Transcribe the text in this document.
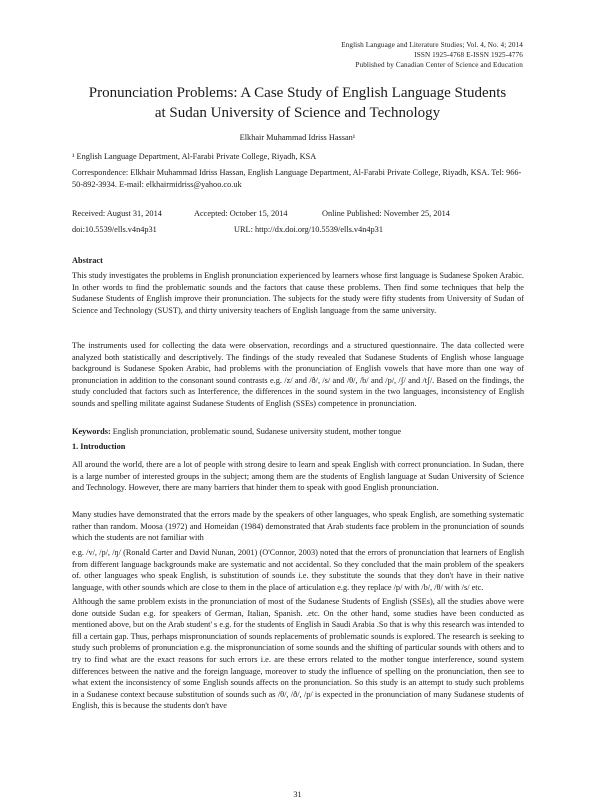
English Language and Literature Studies; Vol. 4, No. 4; 2014
ISSN 1925-4768 E-ISSN 1925-4776
Published by Canadian Center of Science and Education
Pronunciation Problems: A Case Study of English Language Students
at Sudan University of Science and Technology
Elkhair Muhammad Idriss Hassan¹
¹ English Language Department, Al-Farabi Private College, Riyadh, KSA
Correspondence: Elkhair Muhammad Idriss Hassan, English Language Department, Al-Farabi Private College, Riyadh, KSA. Tel: 966-50-892-3934. E-mail: elkhairmidriss@yahoo.co.uk
Received: August 31, 2014	Accepted: October 15, 2014	Online Published: November 25, 2014
doi:10.5539/ells.v4n4p31	URL: http://dx.doi.org/10.5539/ells.v4n4p31
Abstract
This study investigates the problems in English pronunciation experienced by learners whose first language is Sudanese Spoken Arabic. In other words to find the problematic sounds and the factors that cause these problems. Then find some techniques that help the Sudanese Students of English improve their pronunciation. The subjects for the study were fifty students from University of Sudan of Science and Technology (SUST), and thirty university teachers of English language from the same university.
The instruments used for collecting the data were observation, recordings and a structured questionnaire. The data collected were analyzed both statistically and descriptively. The findings of the study revealed that Sudanese Students of English whose language background is Sudanese Spoken Arabic, had problems with the pronunciation of English vowels that have more than one way of pronunciation in addition to the consonant sound contrasts e.g. /z/ and /ð/, /s/ and /θ/, /b/ and /p/, /ʃ/ and /tʃ/. Based on the findings, the study concluded that factors such as Interference, the differences in the sound system in the two languages, inconsistency of English sounds and spelling militate against Sudanese Students of English (SSEs) competence in pronunciation.
Keywords: English pronunciation, problematic sound, Sudanese university student, mother tongue
1. Introduction
All around the world, there are a lot of people with strong desire to learn and speak English with correct pronunciation. In Sudan, there is a large number of interested groups in the subject; among them are the students of English language at Sudan University of Science and Technology. However, there are many barriers that hinder them to speak with good English pronunciation.
Many studies have demonstrated that the errors made by the speakers of other languages, who speak English, are something systematic rather than random. Moosa (1972) and Homeidan (1984) demonstrated that Arab students face problem in the pronunciation of sounds which the students are not familiar with
e.g. /v/, /p/, /ŋ/ (Ronald Carter and David Nunan, 2001) (O'Connor, 2003) noted that the errors of pronunciation that learners of English from different language backgrounds make are systematic and not accidental. So they concluded that the main problem of the speakers of. other languages who speak English, is substitution of sounds i.e. they substitute the sounds that they don't have in their native language, with other sounds which are close to them in the place of articulation e.g. they replace /p/ with /b/, /θ/ with /s/ etc.
Although the same problem exists in the pronunciation of most of the Sudanese Students of English (SSEs), all the studies above were done outside Sudan e.g. for speakers of German, Italian, Spanish. .etc. On the other hand, some studies have been conducted as mentioned above, but on the Arab student' s e.g. for the students of English in Saudi Arabia .So that is why this research was intended to fill a certain gap. Thus, perhaps mispronunciation of sounds replacements of problematic sounds is explored. The research is seeking to study such problems of pronunciation e.g. the mispronunciation of some sounds and the shifting of particular sounds with others and to try to find what are the exact reasons for such errors i.e. are these errors related to the mother tongue interference, sound system differences between the native and the foreign language, moreover to study the influence of spelling on the pronunciation, then see to what extent the inconsistency of some English sounds affects on the pronunciation. So this study is an attempt to study such problems in a Sudanese context because substitution of sounds such as /θ/, /ð/, /p/ is expected in the pronunciation of many Sudanese students of English, this is because the students don't have
31
